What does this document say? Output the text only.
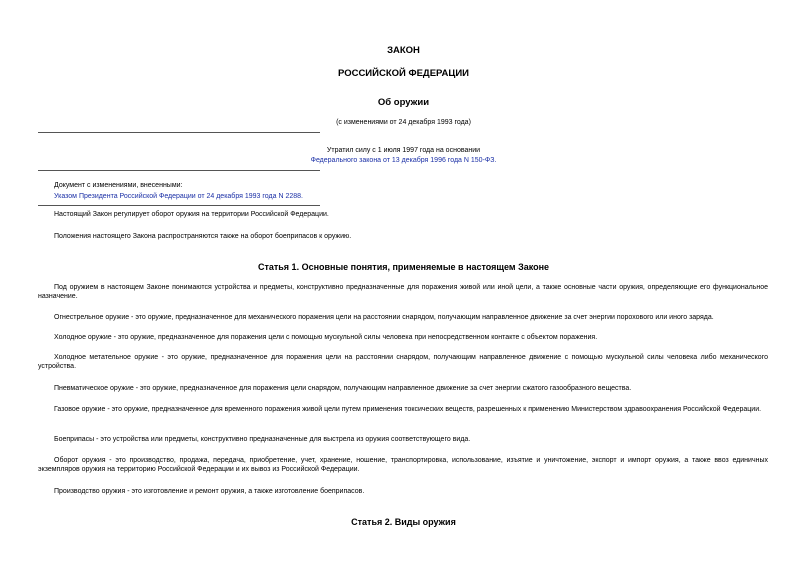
ЗАКОН
РОССИЙСКОЙ ФЕДЕРАЦИИ
Об оружии
(с изменениями от 24 декабря 1993 года)
Утратил силу с 1 июля 1997 года на основании
Федерального закона от 13 декабря 1996 года N 150-ФЗ.
Документ с изменениями, внесенными:
Указом Президента Российской Федерации от 24 декабря 1993 года N 2288.
Настоящий Закон регулирует оборот оружия на территории Российской Федерации.
Положения настоящего Закона распространяются также на оборот боеприпасов к оружию.
Статья 1. Основные понятия, применяемые в настоящем Законе
Под оружием в настоящем Законе понимаются устройства и предметы, конструктивно предназначенные для поражения живой или иной цели, а также основные части оружия, определяющие его функциональное назначение.
Огнестрельное оружие - это оружие, предназначенное для механического поражения цели на расстоянии снарядом, получающим направленное движение за счет энергии порохового или иного заряда.
Холодное оружие - это оружие, предназначенное для поражения цели с помощью мускульной силы человека при непосредственном контакте с объектом поражения.
Холодное метательное оружие - это оружие, предназначенное для поражения цели на расстоянии снарядом, получающим направленное движение с помощью мускульной силы человека либо механического устройства.
Пневматическое оружие - это оружие, предназначенное для поражения цели снарядом, получающим направленное движение за счет энергии сжатого газообразного вещества.
Газовое оружие - это оружие, предназначенное для временного поражения живой цели путем применения токсических веществ, разрешенных к применению Министерством здравоохранения Российской Федерации.
Боеприпасы - это устройства или предметы, конструктивно предназначенные для выстрела из оружия соответствующего вида.
Оборот оружия - это производство, продажа, передача, приобретение, учет, хранение, ношение, транспортировка, использование, изъятие и уничтожение, экспорт и импорт оружия, а также ввоз единичных экземпляров оружия на территорию Российской Федерации и их вывоз из Российской Федерации.
Производство оружия - это изготовление и ремонт оружия, а также изготовление боеприпасов.
Статья 2. Виды оружия
